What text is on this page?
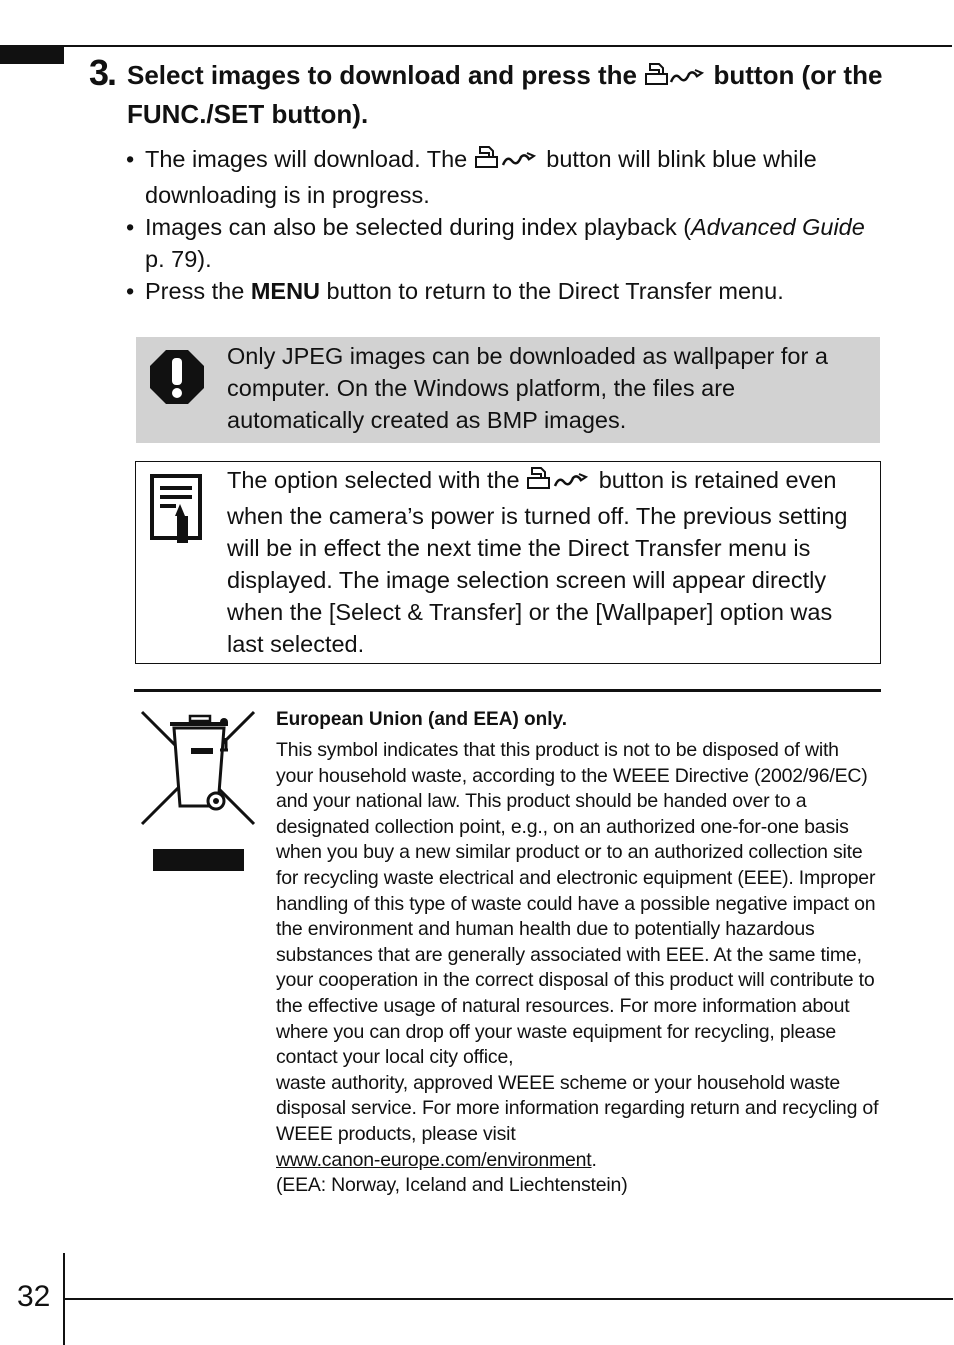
3. Select images to download and press the	button (or the FUNC./SET button).
• The images will download. The	button will blink blue while downloading is in progress.
• Images can also be selected during index playback (Advanced Guide p. 79).
• Press the MENU button to return to the Direct Transfer menu.
Only JPEG images can be downloaded as wallpaper for a computer. On the Windows platform, the files are automatically created as BMP images.
The option selected with the	button is retained even when the camera’s power is turned off. The previous setting will be in effect the next time the Direct Transfer menu is displayed. The image selection screen will appear directly when the [Select & Transfer] or the [Wallpaper] option was last selected.
European Union (and EEA) only.

This symbol indicates that this product is not to be disposed of with your household waste, according to the WEEE Directive (2002/96/EC) and your national law. This product should be handed over to a designated collection point, e.g., on an authorized one-for-one basis when you buy a new similar product or to an authorized collection site for recycling waste electrical and electronic equipment (EEE). Improper handling of this type of waste could have a possible negative impact on the environment and human health due to potentially hazardous substances that are generally associated with EEE. At the same time, your cooperation in the correct disposal of this product will contribute to the effective usage of natural resources. For more information about where you can drop off your waste equipment for recycling, please contact your local city office,

waste authority, approved WEEE scheme or your household waste disposal service. For more information regarding return and recycling of WEEE products, please visit

www.canon-europe.com/environment.

(EEA: Norway, Iceland and Liechtenstein)

32
